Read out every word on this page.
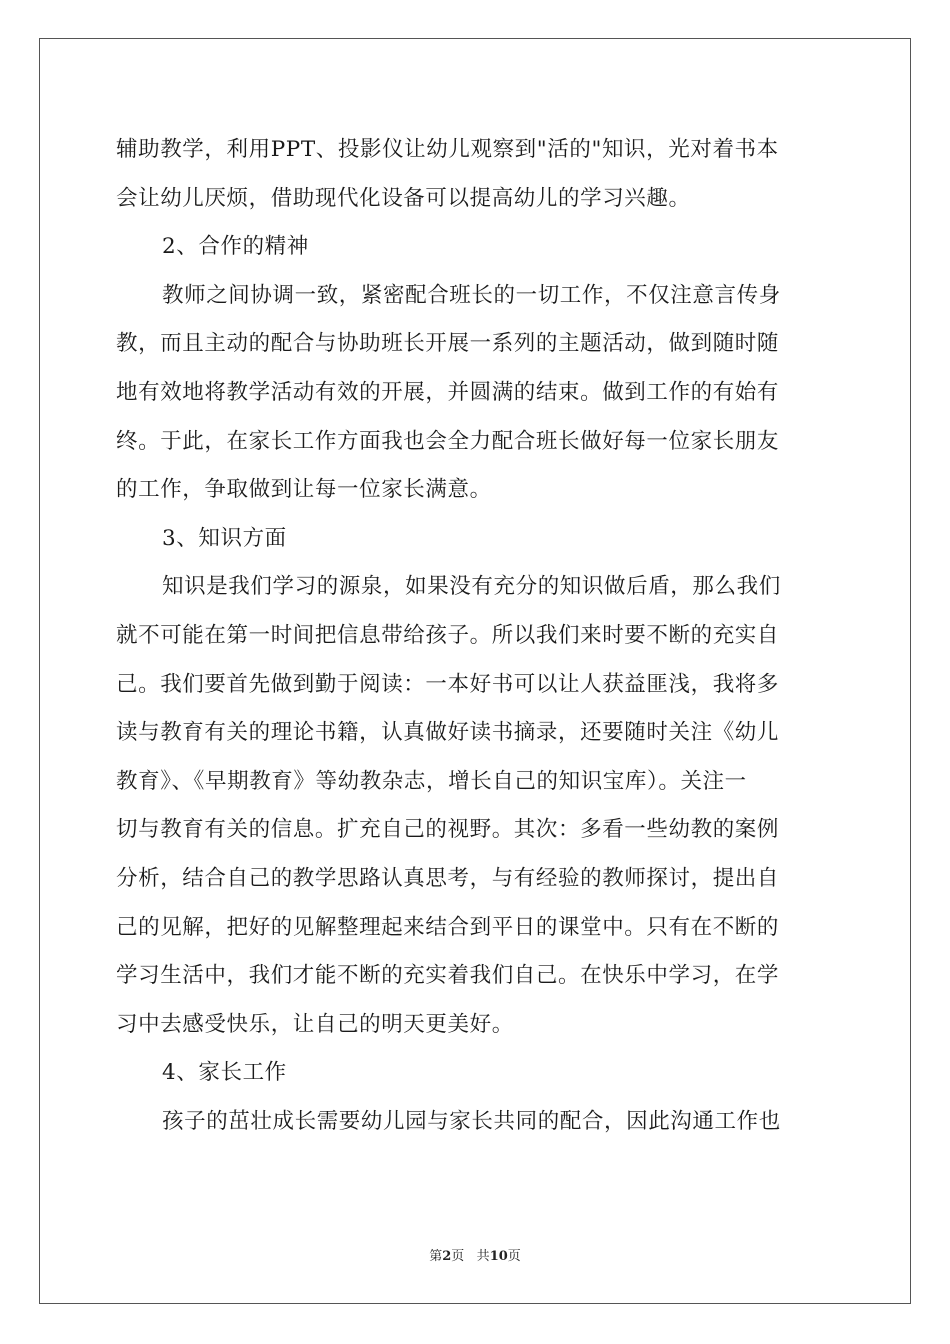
辅助教学，利用PPT、投影仪让幼儿观察到"活的"知识，光对着书本
会让幼儿厌烦，借助现代化设备可以提高幼儿的学习兴趣。
2、合作的精神
教师之间协调一致，紧密配合班长的一切工作，不仅注意言传身
教，而且主动的配合与协助班长开展一系列的主题活动，做到随时随
地有效地将教学活动有效的开展，并圆满的结束。做到工作的有始有
终。于此，在家长工作方面我也会全力配合班长做好每一位家长朋友
的工作，争取做到让每一位家长满意。
3、知识方面
知识是我们学习的源泉，如果没有充分的知识做后盾，那么我们
就不可能在第一时间把信息带给孩子。所以我们来时要不断的充实自
己。我们要首先做到勤于阅读：一本好书可以让人获益匪浅，我将多
读与教育有关的理论书籍，认真做好读书摘录，还要随时关注《幼儿
教育》、《早期教育》等幼教杂志，增长自己的知识宝库）。关注一
切与教育有关的信息。扩充自己的视野。其次：多看一些幼教的案例
分析，结合自己的教学思路认真思考，与有经验的教师探讨，提出自
己的见解，把好的见解整理起来结合到平日的课堂中。只有在不断的
学习生活中，我们才能不断的充实着我们自己。在快乐中学习，在学
习中去感受快乐，让自己的明天更美好。
4、家长工作
孩子的茁壮成长需要幼儿园与家长共同的配合，因此沟通工作也
第2页 共10页
